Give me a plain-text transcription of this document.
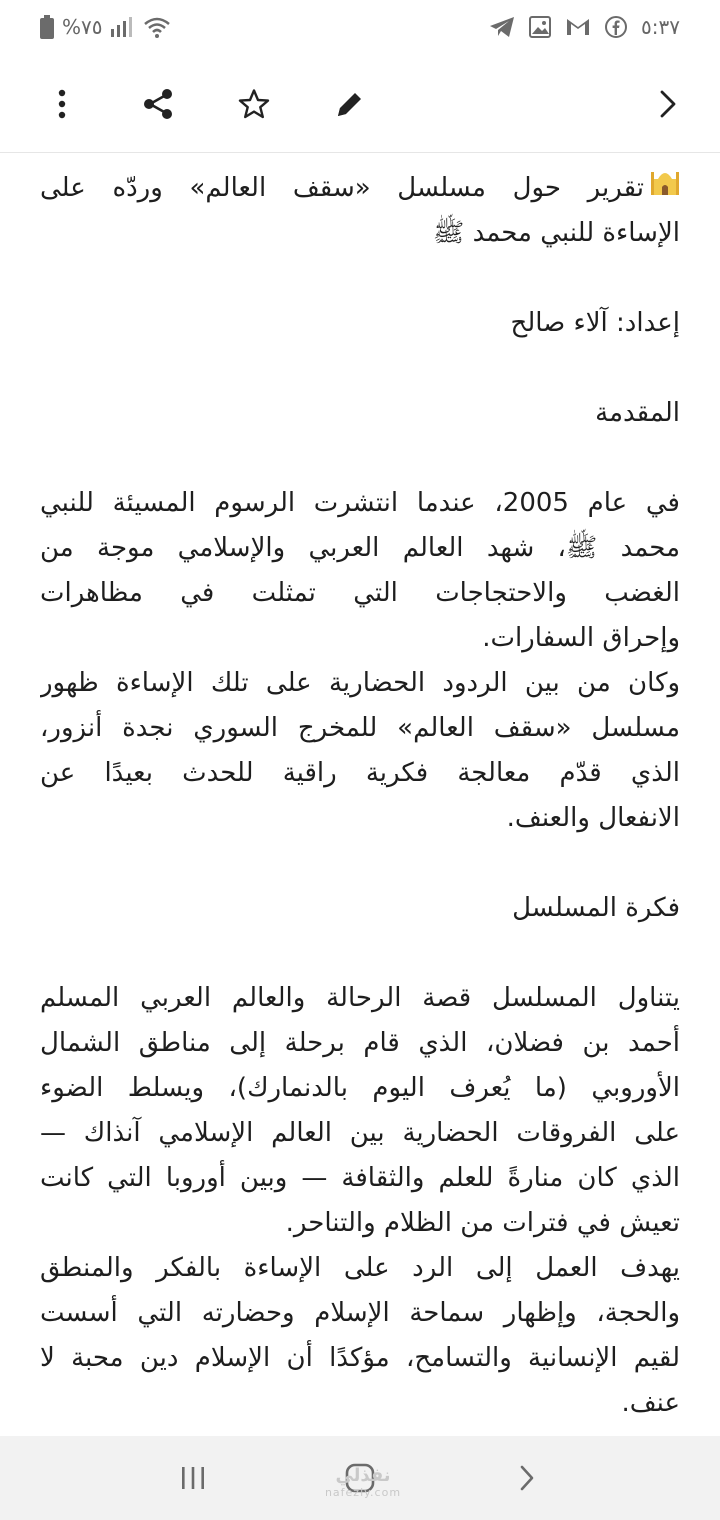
%٧٥	٥:٣٧
تقرير حول مسلسل «سقف العالم» وردّه على
الإساءة للنبي محمد ﷺ
إعداد: آلاء صالح
المقدمة
في عام 2005، عندما انتشرت الرسوم المسيئة للنبي
محمد ﷺ، شهد العالم العربي والإسلامي موجة من
الغضب والاحتجاجات التي تمثلت في مظاهرات
وإحراق السفارات.
وكان من بين الردود الحضارية على تلك الإساءة ظهور
مسلسل «سقف العالم» للمخرج السوري نجدة أنزور،
الذي قدّم معالجة فكرية راقية للحدث بعيدًا عن
الانفعال والعنف.
فكرة المسلسل
يتناول المسلسل قصة الرحالة والعالم العربي المسلم
أحمد بن فضلان، الذي قام برحلة إلى مناطق الشمال
الأوروبي (ما يُعرف اليوم بالدنمارك)، ويسلط الضوء
على الفروقات الحضارية بين العالم الإسلامي آنذاك —
الذي كان منارةً للعلم والثقافة — وبين أوروبا التي كانت
تعيش في فترات من الظلام والتناحر.
يهدف العمل إلى الرد على الإساءة بالفكر والمنطق
والحجة، وإظهار سماحة الإسلام وحضارته التي أسست
لقيم الإنسانية والتسامح، مؤكدًا أن الإسلام دين محبة لا
عنف.
نفذلي
nafezly.com
